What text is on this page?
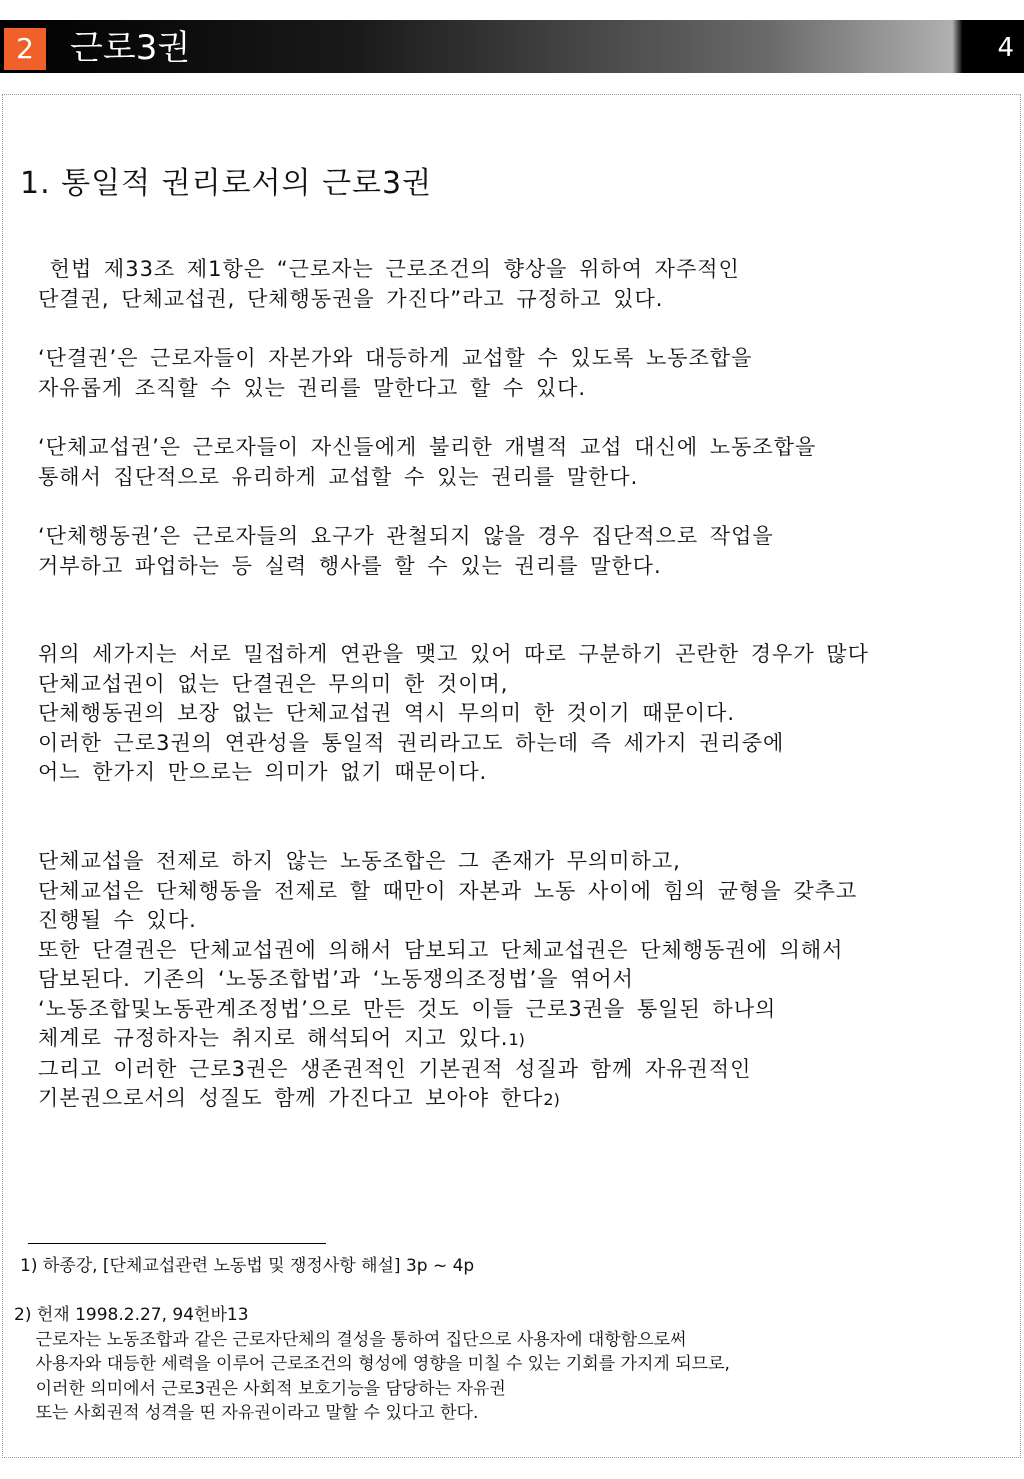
2	근로3권	4
1. 통일적 권리로서의 근로3권

헌법 제33조 제1항은 “근로자는 근로조건의 향상을 위하여 자주적인
단결권, 단체교섭권, 단체행동권을 가진다”라고 규정하고 있다.

‘단결권’은 근로자들이 자본가와 대등하게 교섭할 수 있도록 노동조합을
자유롭게 조직할 수 있는 권리를 말한다고 할 수 있다.

‘단체교섭권’은 근로자들이 자신들에게 불리한 개별적 교섭 대신에 노동조합을
통해서 집단적으로 유리하게 교섭할 수 있는 권리를 말한다.

‘단체행동권’은 근로자들의 요구가 관철되지 않을 경우 집단적으로 작업을
거부하고 파업하는 등 실력 행사를 할 수 있는 권리를 말한다.

위의 세가지는 서로 밀접하게 연관을 맺고 있어 따로 구분하기 곤란한 경우가 많다
단체교섭권이 없는 단결권은 무의미 한 것이며,
단체행동권의 보장 없는 단체교섭권 역시 무의미 한 것이기 때문이다.
이러한 근로3권의 연관성을 통일적 권리라고도 하는데 즉 세가지 권리중에
어느 한가지 만으로는 의미가 없기 때문이다.

단체교섭을 전제로 하지 않는 노동조합은 그 존재가 무의미하고,
단체교섭은 단체행동을 전제로 할 때만이 자본과 노동 사이에 힘의 균형을 갖추고
진행될 수 있다.
또한 단결권은 단체교섭권에 의해서 담보되고 단체교섭권은 단체행동권에 의해서
담보된다. 기존의 ‘노동조합법’과 ‘노동쟁의조정법’을 엮어서
‘노동조합및노동관계조정법’으로 만든 것도 이들 근로3권을 통일된 하나의
체계로 규정하자는 취지로 해석되어 지고 있다.1)
그리고 이러한 근로3권은 생존권적인 기본권적 성질과 함께 자유권적인
기본권으로서의 성질도 함께 가진다고 보아야 한다2)

1) 하종강, [단체교섭관련 노동법 및 쟁정사항 해설] 3p ~ 4p

2) 헌재 1998.2.27, 94헌바13
근로자는 노동조합과 같은 근로자단체의 결성을 통하여 집단으로 사용자에 대항함으로써
사용자와 대등한 세력을 이루어 근로조건의 형성에 영향을 미칠 수 있는 기회를 가지게 되므로,
이러한 의미에서 근로3권은 사회적 보호기능을 담당하는 자유권
또는 사회권적 성격을 띤 자유권이라고 말할 수 있다고 한다.
